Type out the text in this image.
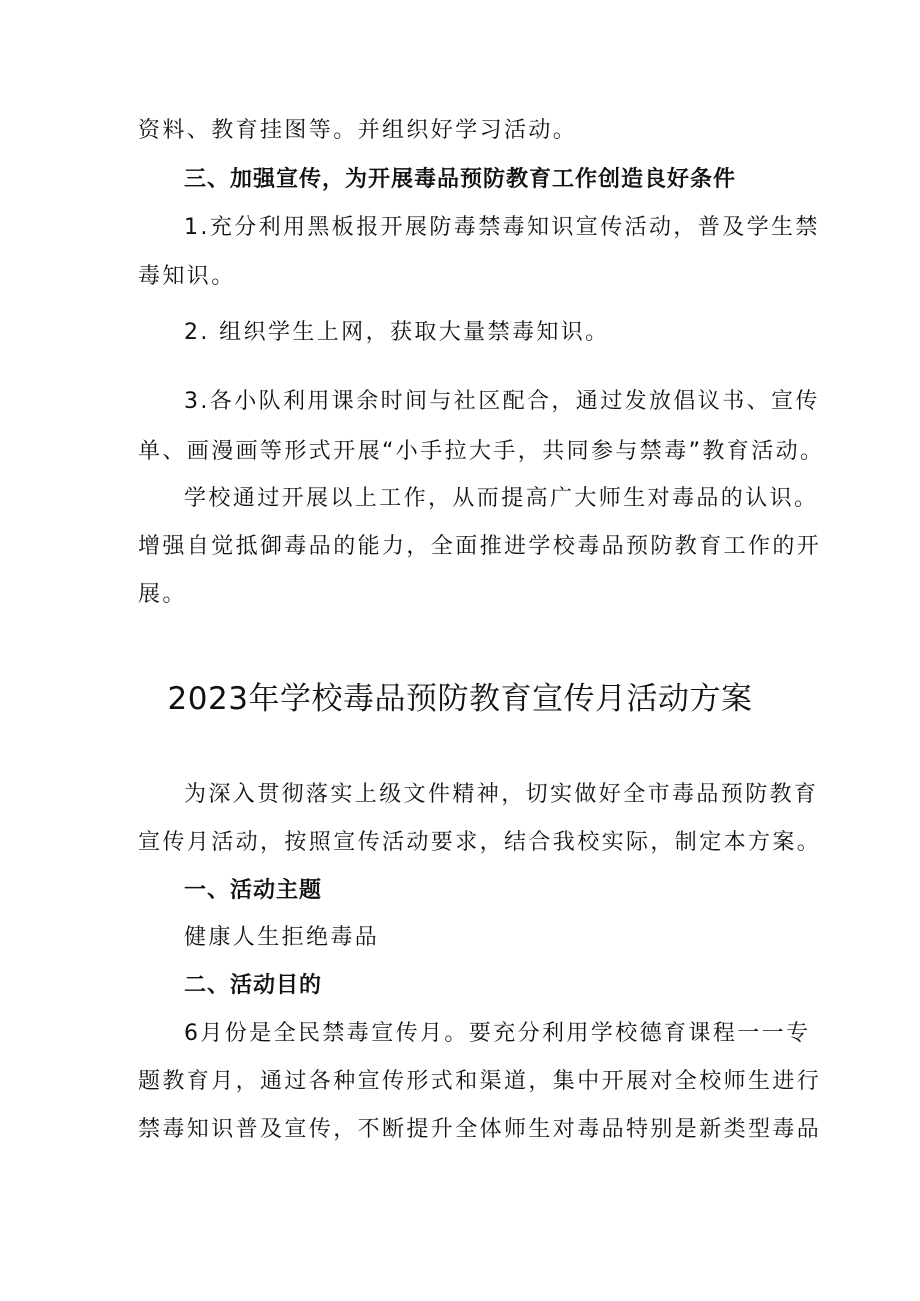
资料、教育挂图等。并组织好学习活动。
三、加强宣传，为开展毒品预防教育工作创造良好条件
1.充分利用黑板报开展防毒禁毒知识宣传活动，普及学生禁
毒知识。
2. 组织学生上网，获取大量禁毒知识。
3.各小队利用课余时间与社区配合，通过发放倡议书、宣传
单、画漫画等形式开展“小手拉大手，共同参与禁毒”教育活动。
学校通过开展以上工作，从而提高广大师生对毒品的认识。
增强自觉抵御毒品的能力，全面推进学校毒品预防教育工作的开
展。
2023年学校毒品预防教育宣传月活动方案
为深入贯彻落实上级文件精神，切实做好全市毒品预防教育
宣传月活动，按照宣传活动要求，结合我校实际，制定本方案。
一、活动主题
健康人生拒绝毒品
二、活动目的
6月份是全民禁毒宣传月。要充分利用学校德育课程一一专
题教育月，通过各种宣传形式和渠道，集中开展对全校师生进行
禁毒知识普及宣传，不断提升全体师生对毒品特别是新类型毒品
